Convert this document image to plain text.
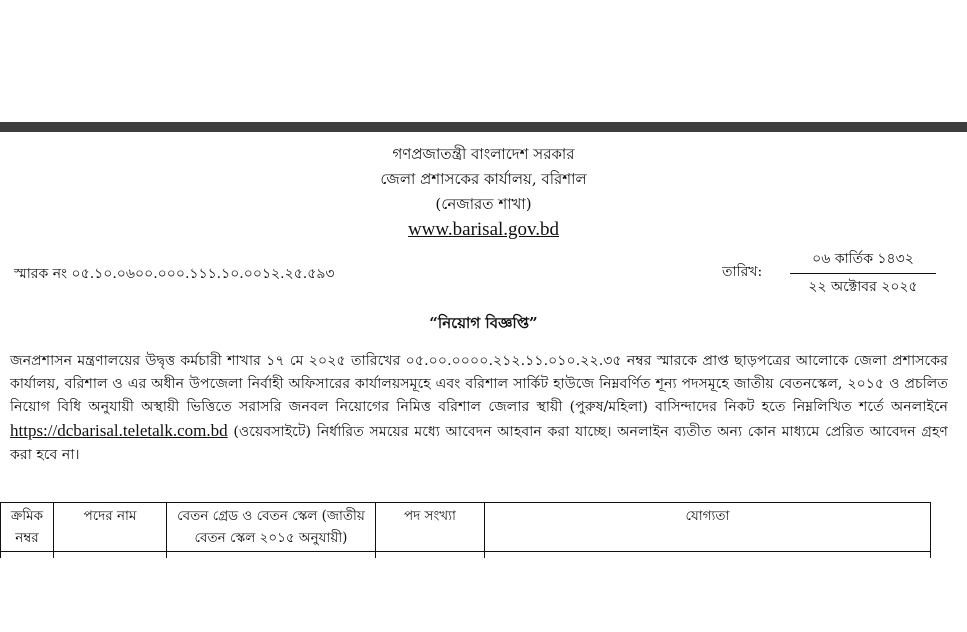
গণপ্রজাতন্ত্রী বাংলাদেশ সরকার
জেলা প্রশাসকের কার্যালয়, বরিশাল
(নেজারত শাখা)
www.barisal.gov.bd
স্মারক নং ০৫.১০.০৬০০.০০০.১১১.১০.০০১২.২৫.৫৯৩	তারিখ:
০৬ কার্তিক ১৪৩২
২২ অক্টোবর ২০২৫
“নিয়োগ বিজ্ঞপ্তি”
জনপ্রশাসন মন্ত্রণালয়ের উদ্বৃত্ত কর্মচারী শাখার ১৭ মে ২০২৫ তারিখের ০৫.০০.০০০০.২১২.১১.০১০.২২.৩৫ নম্বর স্মারকে প্রাপ্ত ছাড়পত্রের আলোকে জেলা প্রশাসকের কার্যালয়, বরিশাল ও এর অধীন উপজেলা নির্বাহী অফিসারের কার্যালয়সমূহে এবং বরিশাল সার্কিট হাউজে নিম্নবর্ণিত শূন্য পদসমূহে জাতীয় বেতনস্কেল, ২০১৫ ও প্রচলিত নিয়োগ বিধি অনুযায়ী অস্থায়ী ভিত্তিতে সরাসরি জনবল নিয়োগের নিমিত্ত বরিশাল জেলার স্থায়ী (পুরুষ/মহিলা) বাসিন্দাদের নিকট হতে নিম্নলিখিত শর্তে অনলাইনে https://dcbarisal.teletalk.com.bd (ওয়েবসাইটে) নির্ধারিত সময়ের মধ্যে আবেদন আহবান করা যাচ্ছে। অনলাইন ব্যতীত অন্য কোন মাধ্যমে প্রেরিত আবেদন গ্রহণ করা হবে না।
ক্রমিক নম্বর	পদের নাম	বেতন গ্রেড ও বেতন স্কেল (জাতীয় বেতন স্কেল ২০১৫ অনুযায়ী)	পদ সংখ্যা	যোগ্যতা
